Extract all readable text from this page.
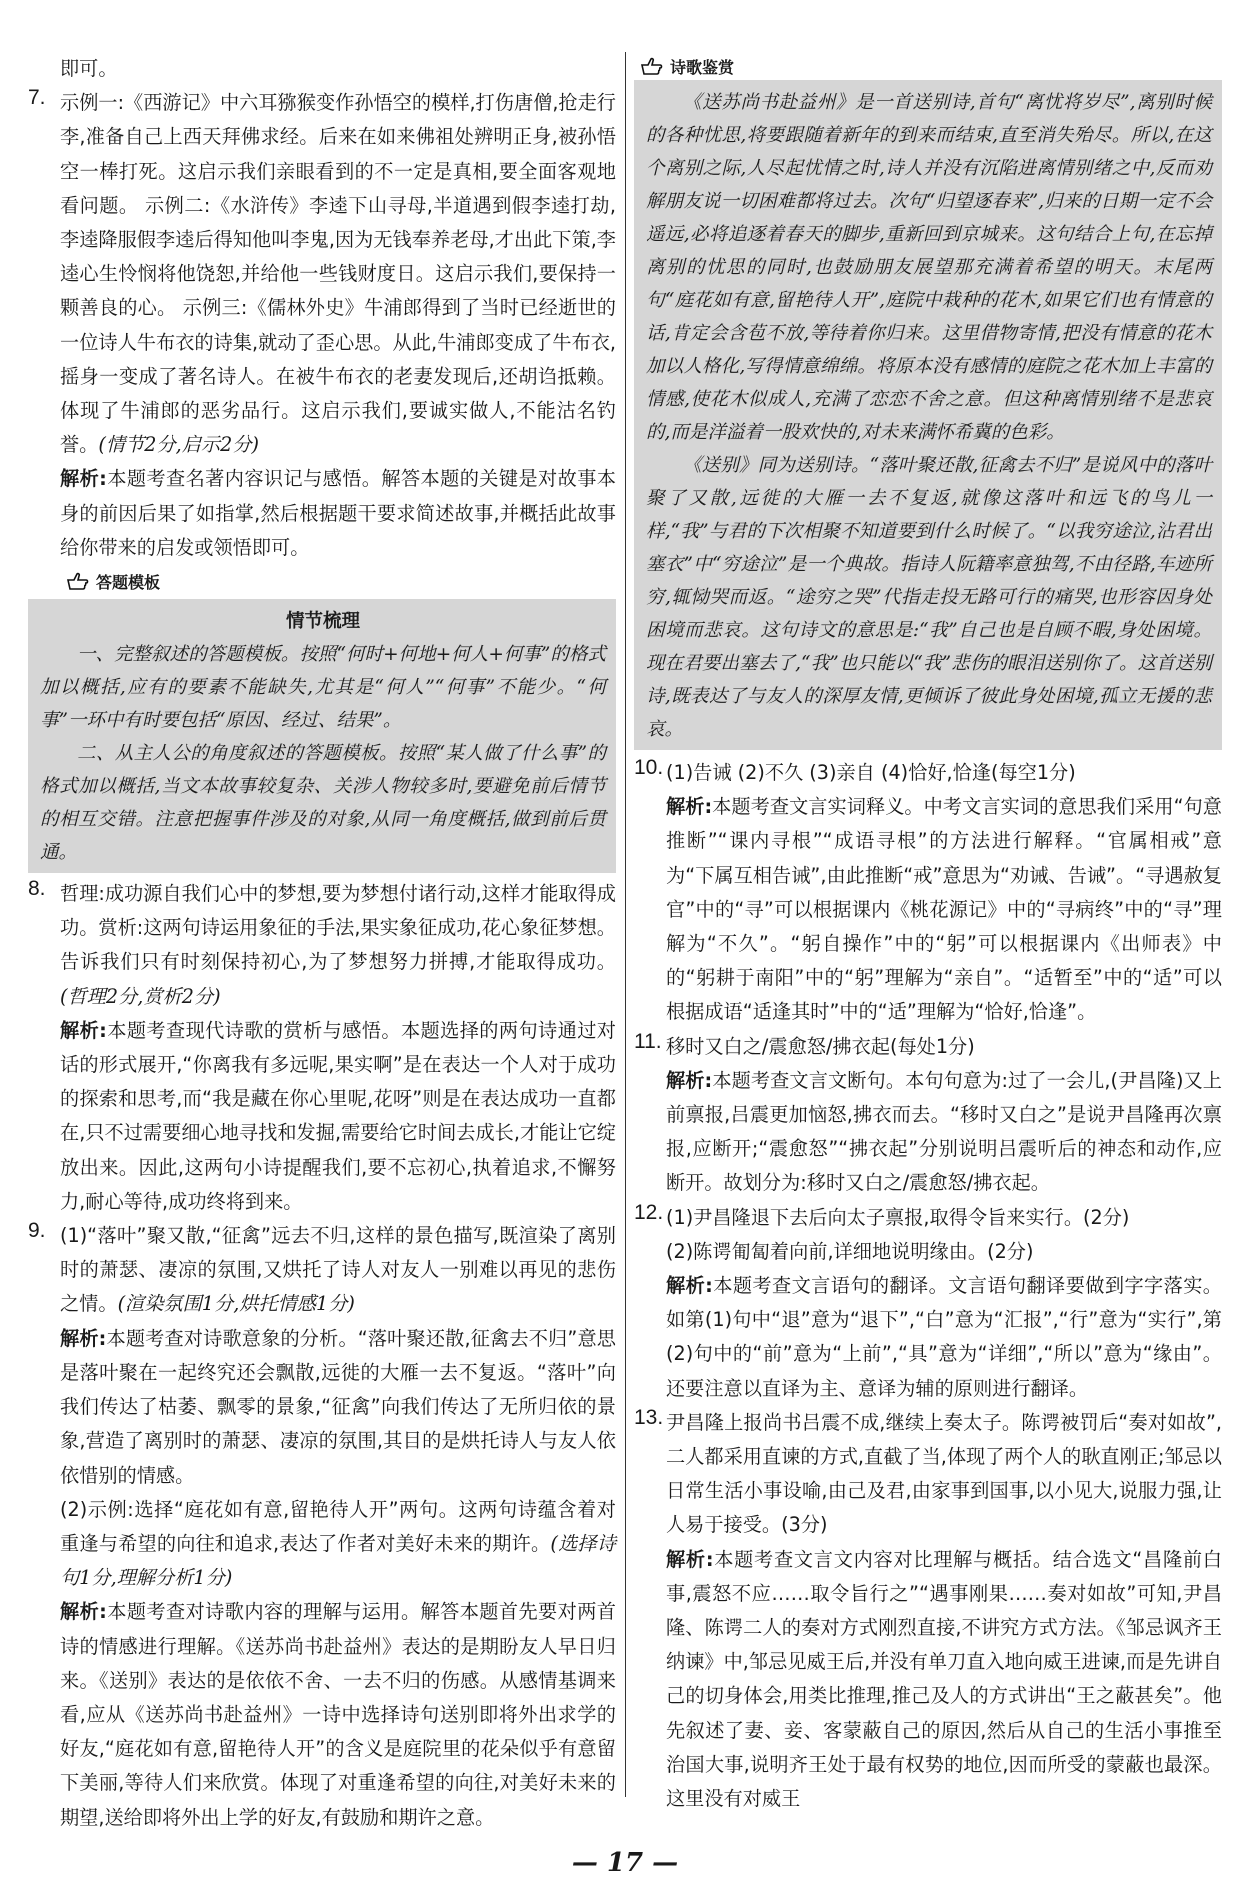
即可。

7. 示例一:《西游记》中六耳猕猴变作孙悟空的模样,打伤唐僧,抢走行李,准备自己上西天拜佛求经。后来在如来佛祖处辨明正身,被孙悟空一棒打死。这启示我们亲眼看到的不一定是真相,要全面客观地看问题。 示例二:《水浒传》李逵下山寻母,半道遇到假李逵打劫,李逵降服假李逵后得知他叫李鬼,因为无钱奉养老母,才出此下策,李逵心生怜悯将他饶恕,并给他一些钱财度日。这启示我们,要保持一颗善良的心。 示例三:《儒林外史》牛浦郎得到了当时已经逝世的一位诗人牛布衣的诗集,就动了歪心思。从此,牛浦郎变成了牛布衣,摇身一变成了著名诗人。在被牛布衣的老妻发现后,还胡诌抵赖。体现了牛浦郎的恶劣品行。这启示我们,要诚实做人,不能沽名钓誉。(情节2分,启示2分)

解析:本题考查名著内容识记与感悟。解答本题的关键是对故事本身的前因后果了如指掌,然后根据题干要求简述故事,并概括此故事给你带来的启发或领悟即可。

答题模板

情节梳理

一、完整叙述的答题模板。按照“何时+何地+何人+何事”的格式加以概括,应有的要素不能缺失,尤其是“何人”“何事”不能少。“何事”一环中有时要包括“原因、经过、结果”。

二、从主人公的角度叙述的答题模板。按照“某人做了什么事”的格式加以概括,当文本故事较复杂、关涉人物较多时,要避免前后情节的相互交错。注意把握事件涉及的对象,从同一角度概括,做到前后贯通。

8. 哲理:成功源自我们心中的梦想,要为梦想付诸行动,这样才能取得成功。赏析:这两句诗运用象征的手法,果实象征成功,花心象征梦想。告诉我们只有时刻保持初心,为了梦想努力拼搏,才能取得成功。(哲理2分,赏析2分)

解析:本题考查现代诗歌的赏析与感悟。本题选择的两句诗通过对话的形式展开,“你离我有多远呢,果实啊”是在表达一个人对于成功的探索和思考,而“我是藏在你心里呢,花呀”则是在表达成功一直都在,只不过需要细心地寻找和发掘,需要给它时间去成长,才能让它绽放出来。因此,这两句小诗提醒我们,要不忘初心,执着追求,不懈努力,耐心等待,成功终将到来。

9. (1)“落叶”聚又散,“征禽”远去不归,这样的景色描写,既渲染了离别时的萧瑟、凄凉的氛围,又烘托了诗人对友人一别难以再见的悲伤之情。(渲染氛围1分,烘托情感1分)

解析:本题考查对诗歌意象的分析。“落叶聚还散,征禽去不归”意思是落叶聚在一起终究还会飘散,远徙的大雁一去不复返。“落叶”向我们传达了枯萎、飘零的景象,“征禽”向我们传达了无所归依的景象,营造了离别时的萧瑟、凄凉的氛围,其目的是烘托诗人与友人依依惜别的情感。

(2)示例:选择“庭花如有意,留艳待人开”两句。这两句诗蕴含着对重逢与希望的向往和追求,表达了作者对美好未来的期许。(选择诗句1分,理解分析1分)

解析:本题考查对诗歌内容的理解与运用。解答本题首先要对两首诗的情感进行理解。《送苏尚书赴益州》表达的是期盼友人早日归来。《送别》表达的是依依不舍、一去不归的伤感。从感情基调来看,应从《送苏尚书赴益州》一诗中选择诗句送别即将外出求学的好友,“庭花如有意,留艳待人开”的含义是庭院里的花朵似乎有意留下美丽,等待人们来欣赏。体现了对重逢希望的向往,对美好未来的期望,送给即将外出上学的好友,有鼓励和期许之意。

诗歌鉴赏

《送苏尚书赴益州》是一首送别诗,首句“离忧将岁尽”,离别时候的各种忧思,将要跟随着新年的到来而结束,直至消失殆尽。所以,在这个离别之际,人尽起忧情之时,诗人并没有沉陷进离情别绪之中,反而劝解朋友说一切困难都将过去。次句“归望逐春来”,归来的日期一定不会遥远,必将追逐着春天的脚步,重新回到京城来。这句结合上句,在忘掉离别的忧思的同时,也鼓励朋友展望那充满着希望的明天。末尾两句“庭花如有意,留艳待人开”,庭院中栽种的花木,如果它们也有情意的话,肯定会含苞不放,等待着你归来。这里借物寄情,把没有情意的花木加以人格化,写得情意绵绵。将原本没有感情的庭院之花木加上丰富的情感,使花木似成人,充满了恋恋不舍之意。但这种离情别绪不是悲哀的,而是洋溢着一股欢快的,对未来满怀希冀的色彩。

《送别》同为送别诗。“落叶聚还散,征禽去不归”是说风中的落叶聚了又散,远徙的大雁一去不复返,就像这落叶和远飞的鸟儿一样,“我”与君的下次相聚不知道要到什么时候了。“以我穷途泣,沾君出塞衣”中“穷途泣”是一个典故。指诗人阮籍率意独驾,不由径路,车迹所穷,辄恸哭而返。“途穷之哭”代指走投无路可行的痛哭,也形容因身处困境而悲哀。这句诗文的意思是:“我”自己也是自顾不暇,身处困境。现在君要出塞去了,“我”也只能以“我”悲伤的眼泪送别你了。这首送别诗,既表达了与友人的深厚友情,更倾诉了彼此身处困境,孤立无援的悲哀。

10. (1)告诫 (2)不久 (3)亲自 (4)恰好,恰逢(每空1分)

解析:本题考查文言实词释义。中考文言实词的意思我们采用“句意推断”“课内寻根”“成语寻根”的方法进行解释。“官属相戒”意为“下属互相告诫”,由此推断“戒”意思为“劝诫、告诫”。“寻遇赦复官”中的“寻”可以根据课内《桃花源记》中的“寻病终”中的“寻”理解为“不久”。“躬自操作”中的“躬”可以根据课内《出师表》中的“躬耕于南阳”中的“躬”理解为“亲自”。“适暂至”中的“适”可以根据成语“适逢其时”中的“适”理解为“恰好,恰逢”。

11. 移时又白之/震愈怒/拂衣起(每处1分)

解析:本题考查文言文断句。本句句意为:过了一会儿,(尹昌隆)又上前禀报,吕震更加恼怒,拂衣而去。“移时又白之”是说尹昌隆再次禀报,应断开;“震愈怒”“拂衣起”分别说明吕震听后的神态和动作,应断开。故划分为:移时又白之/震愈怒/拂衣起。

12. (1)尹昌隆退下去后向太子禀报,取得令旨来实行。(2分)

(2)陈谔匍匐着向前,详细地说明缘由。(2分)

解析:本题考查文言语句的翻译。文言语句翻译要做到字字落实。如第(1)句中“退”意为“退下”,“白”意为“汇报”,“行”意为“实行”,第(2)句中的“前”意为“上前”,“具”意为“详细”,“所以”意为“缘由”。还要注意以直译为主、意译为辅的原则进行翻译。

13. 尹昌隆上报尚书吕震不成,继续上奏太子。陈谔被罚后“奏对如故”,二人都采用直谏的方式,直截了当,体现了两个人的耿直刚正;邹忌以日常生活小事设喻,由己及君,由家事到国事,以小见大,说服力强,让人易于接受。(3分)

解析:本题考查文言文内容对比理解与概括。结合选文“昌隆前白事,震怒不应……取令旨行之”“遇事刚果……奏对如故”可知,尹昌隆、陈谔二人的奏对方式刚烈直接,不讲究方式方法。《邹忌讽齐王纳谏》中,邹忌见威王后,并没有单刀直入地向威王进谏,而是先讲自己的切身体会,用类比推理,推己及人的方式讲出“王之蔽甚矣”。他先叙述了妻、妾、客蒙蔽自己的原因,然后从自己的生活小事推至治国大事,说明齐王处于最有权势的地位,因而所受的蒙蔽也最深。这里没有对威王

— 17 —
